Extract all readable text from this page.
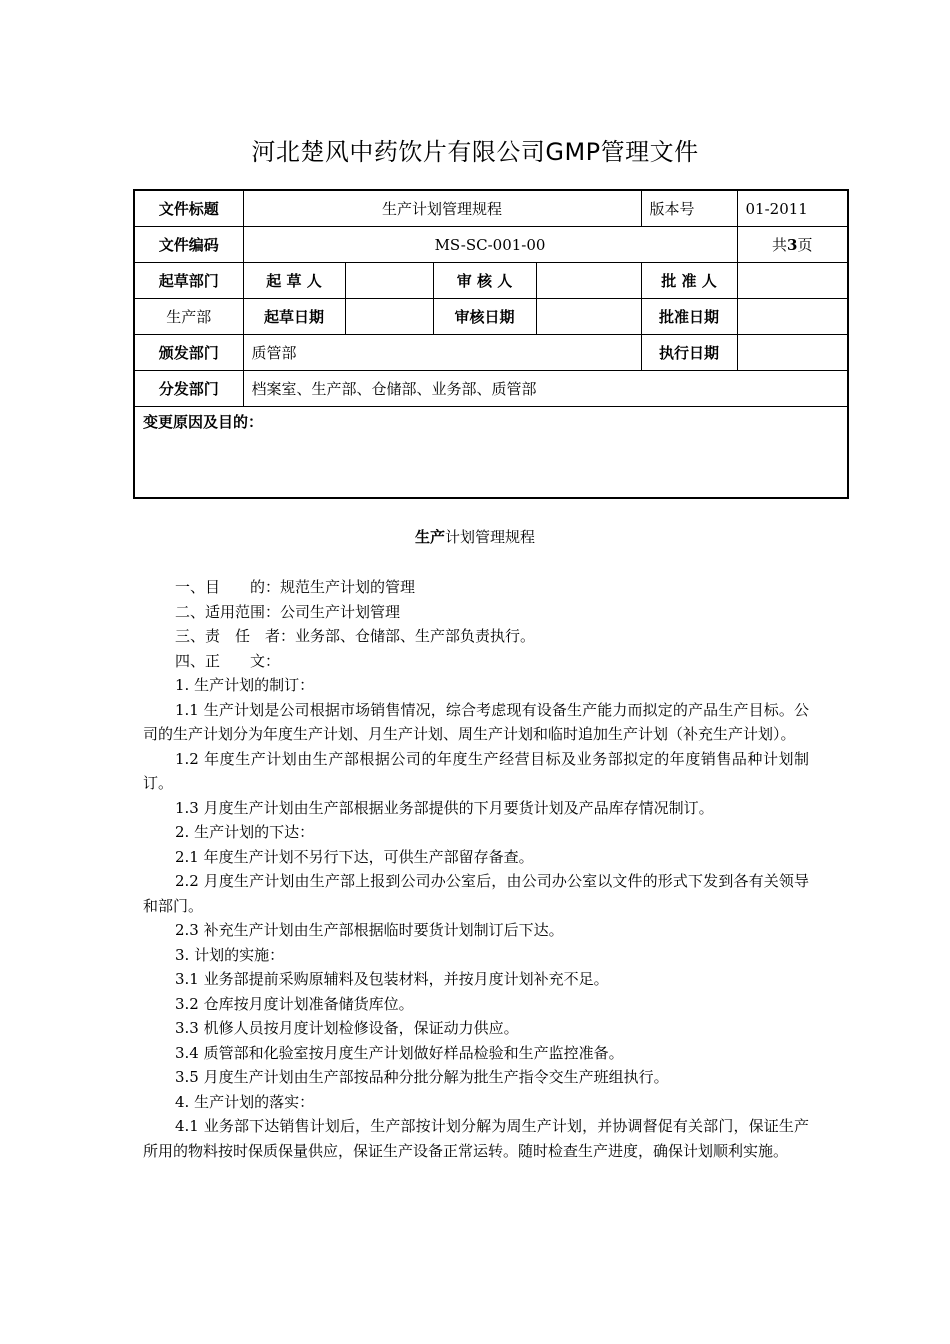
河北楚风中药饮片有限公司GMP管理文件
文件标题	生产计划管理规程				版本号	01-2011
文件编码	MS-SC-001-00					共3页
起草部门	起 草 人		审 核 人		批 准 人	
生产部	起草日期		审核日期		批准日期	
颁发部门	质管部				执行日期	
分发部门	档案室、生产部、仓储部、业务部、质管部					
变更原因及目的：						
生产计划管理规程

一、目　　的：规范生产计划的管理

二、适用范围：公司生产计划管理

三、责　任　者：业务部、仓储部、生产部负责执行。

四、正　　文：

1. 生产计划的制订：

1.1 生产计划是公司根据市场销售情况，综合考虑现有设备生产能力而拟定的产品生产目标。公司的生产计划分为年度生产计划、月生产计划、周生产计划和临时追加生产计划（补充生产计划）。

1.2 年度生产计划由生产部根据公司的年度生产经营目标及业务部拟定的年度销售品种计划制订。

1.3 月度生产计划由生产部根据业务部提供的下月要货计划及产品库存情况制订。

2. 生产计划的下达：

2.1 年度生产计划不另行下达，可供生产部留存备查。

2.2 月度生产计划由生产部上报到公司办公室后，由公司办公室以文件的形式下发到各有关领导和部门。

2.3 补充生产计划由生产部根据临时要货计划制订后下达。

3. 计划的实施：

3.1 业务部提前采购原辅料及包装材料，并按月度计划补充不足。

3.2 仓库按月度计划准备储货库位。

3.3 机修人员按月度计划检修设备，保证动力供应。

3.4 质管部和化验室按月度生产计划做好样品检验和生产监控准备。

3.5 月度生产计划由生产部按品种分批分解为批生产指令交生产班组执行。

4. 生产计划的落实：

4.1 业务部下达销售计划后，生产部按计划分解为周生产计划，并协调督促有关部门，保证生产所用的物料按时保质保量供应，保证生产设备正常运转。随时检查生产进度，确保计划顺利实施。
